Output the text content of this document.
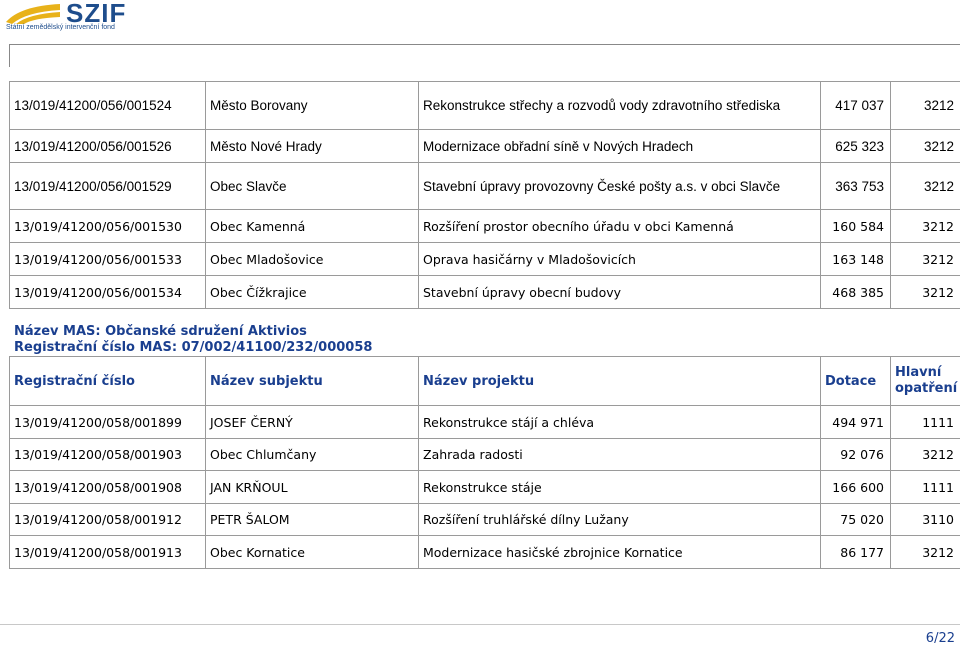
SZIF
Státní zemědělský intervenční fond
13/019/41200/056/001524	Město Borovany	Rekonstrukce střechy a rozvodů vody zdravotního střediska	417 037	3212
13/019/41200/056/001526	Město Nové Hrady	Modernizace obřadní síně v Nových Hradech	625 323	3212
13/019/41200/056/001529	Obec Slavče	Stavební úpravy provozovny České pošty a.s. v obci Slavče	363 753	3212
13/019/41200/056/001530	Obec Kamenná	Rozšíření prostor obecního úřadu v obci Kamenná	160 584	3212
13/019/41200/056/001533	Obec Mladošovice	Oprava hasičárny v Mladošovicích	163 148	3212
13/019/41200/056/001534	Obec Čížkrajice	Stavební úpravy obecní budovy	468 385	3212
Název MAS: Občanské sdružení Aktivios
Registrační číslo MAS: 07/002/41100/232/000058
Registrační číslo	Název subjektu	Název projektu	Dotace	Hlavní
opatření

13/019/41200/058/001899	JOSEF ČERNÝ	Rekonstrukce stájí a chléva	494 971	1111
13/019/41200/058/001903	Obec Chlumčany	Zahrada radosti	92 076	3212
13/019/41200/058/001908	JAN KRŇOUL	Rekonstrukce stáje	166 600	1111
13/019/41200/058/001912	PETR ŠALOM	Rozšíření truhlářské dílny Lužany	75 020	3110
13/019/41200/058/001913	Obec Kornatice	Modernizace hasičské zbrojnice Kornatice	86 177	3212
6/22
